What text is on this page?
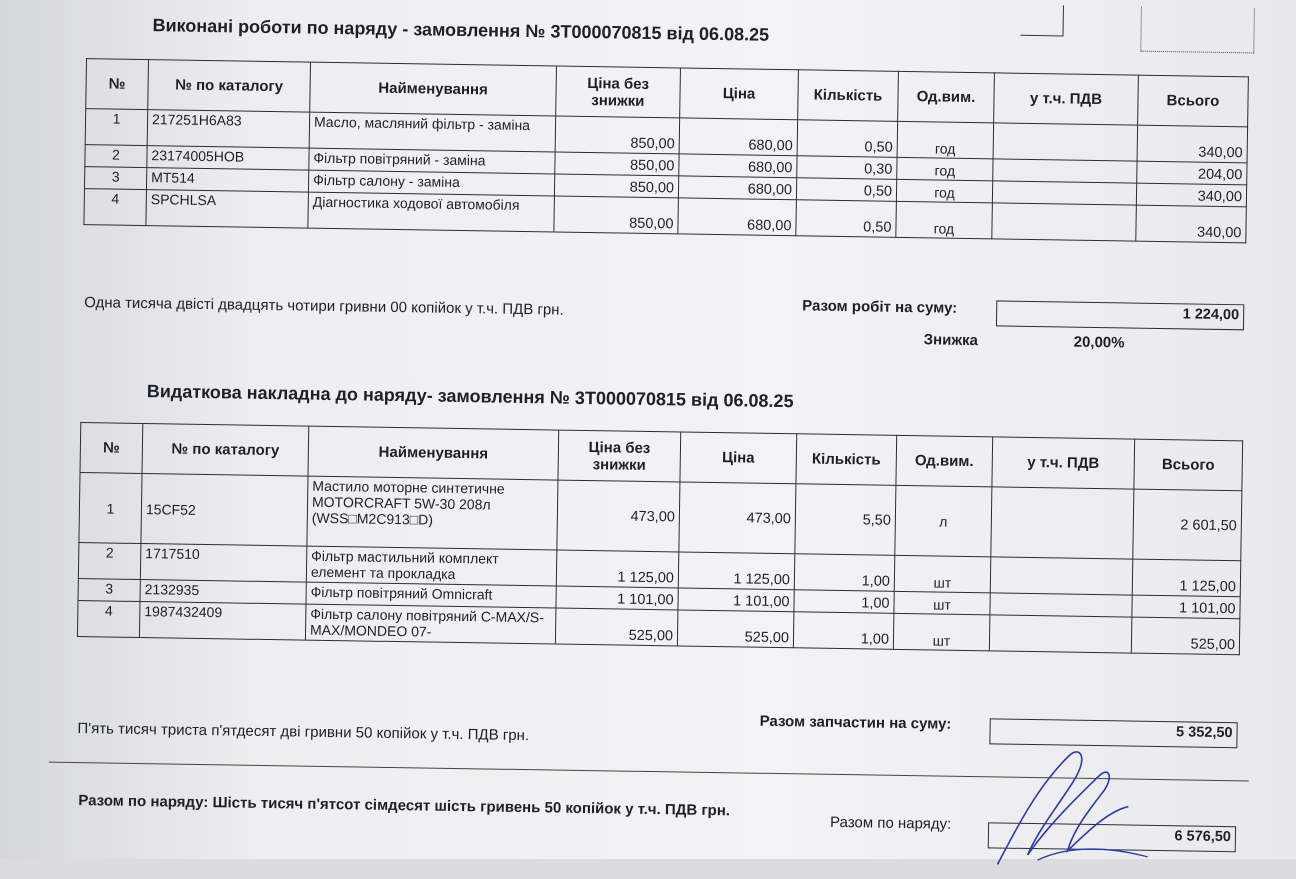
Виконані роботи по наряду - замовлення № 3Т000070815 від 06.08.25
№	№ по каталогу	Найменування	Ціна без знижки	Ціна	Кількість	Од.вим.	у т.ч. ПДВ	Всього
1	217251H6A83	Масло, масляний фільтр - заміна	850,00	680,00	0,50	год		340,00
2	23174005HOB	Фільтр повітряний - заміна	850,00	680,00	0,30	год		204,00
3	MT514	Фільтр салону - заміна	850,00	680,00	0,50	год		340,00
4	SPCHLSA	Діагностика ходової автомобіля	850,00	680,00	0,50	год		340,00
Разом робіт на суму:	1 224,00
Одна тисяча двісті двадцять чотири гривни 00 копійок у т.ч. ПДВ грн.
Знижка	20,00%
Видаткова накладна до наряду- замовлення № 3Т000070815 від 06.08.25
№	№ по каталогу	Найменування	Ціна без знижки	Ціна	Кількість	Од.вим.	у т.ч. ПДВ	Всього
1	15CF52	Мастило моторне синтетичне MOTORCRAFT 5W-30 208л (WSS□M2C913□D)	473,00	473,00	5,50	л		2 601,50
2	1717510	Фільтр мастильний комплект елемент та прокладка	1 125,00	1 125,00	1,00	шт		1 125,00
3	2132935	Фільтр повітряний Omnicraft	1 101,00	1 101,00	1,00	шт		1 101,00
4	1987432409	Фільтр салону повітряний C-MAX/S-MAX/MONDEO 07-	525,00	525,00	1,00	шт		525,00
Разом запчастин на суму:	5 352,50
П'ять тисяч триста п'ятдесят дві гривни 50 копійок у т.ч. ПДВ грн.
Разом по наряду: Шість тисяч п'ятсот сімдесят шість гривень 50 копійок у т.ч. ПДВ грн.
Разом по наряду:
6 576,50
